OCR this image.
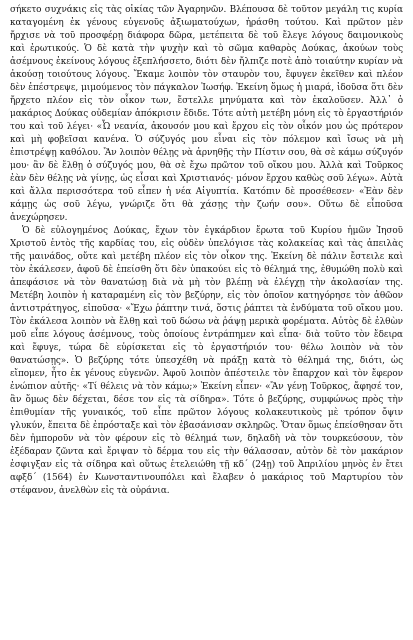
σήκετο συχνάκις εἰς τὰς οἰκίας τῶν Ἀγαρηνῶν. Βλέπουσα δὲ τοῦτον μεγάλη τις κυρία καταγομένη ἐκ γένους εὐγενοῦς ἀξιωματούχων, ἠράσθη τούτου. Καὶ πρῶτον μὲν ἤρχισε νὰ τοῦ προσφέρῃ διάφορα δῶρα, μετέπειτα δὲ τοῦ ἔλεγε λόγους δαιμονικοὺς καὶ ἐρωτικούς. Ὁ δὲ κατὰ τὴν ψυχὴν καὶ τὸ σῶμα καθαρὸς Δούκας, ἀκούων τοὺς ἀσέμνους ἐκείνους λόγους ἐξεπλήσσετο, διότι δὲν ἤλπιζε ποτὲ ἀπὸ τοιαύτην κυρίαν νὰ ἀκούσῃ τοιούτους λόγους. Ἔκαμε λοιπὸν τὸν σταυρὸν του, ἔφυγεν ἐκεῖθεν καὶ πλέον δὲν ἐπέστρεψε, μιμούμενος τὸν πάγκαλον Ἰωσήφ. Ἐκείνη ὅμως ἡ μιαρά, ἰδοῦσα ὅτι δὲν ἤρχετο πλέον εἰς τὸν οἶκον των, ἔστελλε μηνύματα καὶ τὸν ἐκαλοῦσεν. Ἀλλ᾽ ὁ μακάριος Δούκας οὐδεμίαν ἀπόκρισιν ἔδιδε. Τότε αὐτὴ μετέβη μόνη εἰς τὸ ἐργαστήριόν του καὶ τοῦ λέγει· «Ὦ νεανία, ἀκουσόν μου καὶ ἔρχου εἰς τὸν οἶκόν μου ὡς πρότερον καὶ μὴ φοβεῖσαι κανένα. Ὁ σύζυγός μου εἶναι εἰς τὸν πόλεμον καὶ ἴσως νὰ μὴ ἐπιστρέψῃ καθόλου. Ἂν λοιπὸν θέλῃς νὰ ἀρνηθῇς τὴν Πίστιν σου, θὰ σὲ κάμω σύζυγόν μου· ἂν δὲ ἔλθῃ ὁ σύζυγός μου, θὰ σὲ ἔχω πρῶτον τοῦ οἴκου μου. Ἀλλὰ καὶ Τοῦρκος ἐὰν δὲν θέλῃς νὰ γίνῃς, ὡς εἶσαι καὶ Χριστιανός· μόνον ἔρχου καθὼς σοῦ λέγω». Αὐτὰ καὶ ἄλλα περισσότερα τοῦ εἶπεν ἡ νέα Αἰγυπτία. Κατόπιν δὲ προσέθεσεν· «Ἐὰν δὲν κάμῃς ὡς σοῦ λέγω, γνώριζε ὅτι θὰ χάσῃς τὴν ζωήν σου». Οὕτω δὲ εἶποῦσα ἀνεχώρησεν.

Ὁ δὲ εὐλογημένος Δούκας, ἔχων τὸν ἐγκάρδιον ἔρωτα τοῦ Κυρίου ἡμῶν Ἰησοῦ Χριστοῦ ἐντὸς τῆς καρδίας του, εἰς οὐδὲν ὑπελόγισε τὰς κολακείας καὶ τὰς ἀπειλὰς τῆς μαινάδος, οὔτε καὶ μετέβη πλέον εἰς τὸν οἶκον της. Ἐκείνη δὲ πάλιν ἔστειλε καὶ τὸν ἐκάλεσεν, ἀφοῦ δὲ ἐπείσθη ὅτι δὲν ὑπακούει εἰς τὸ θέλημά της, ἐθυμώθη πολὺ καὶ ἀπεφάσισε νὰ τὸν θανατώσῃ διὰ νὰ μὴ τὸν βλέπῃ νὰ ἐλέγχῃ τὴν ἀκολασίαν της. Μετέβη λοιπὸν ἡ καταραμένη εἰς τὸν βεζύρην, εἰς τὸν ὁποῖον κατηγόρησε τὸν ἀθῶον ἀντιστράτηγος, εἰποῦσα· «Ἔχω ῥάπτην τινά, ὅστις ῥάπτει τὰ ἐνδύματα τοῦ οἴκου μου. Τὸν ἐκάλεσα λοιπὸν νὰ ἔλθῃ καὶ τοῦ δώσω νὰ ῥάψῃ μερικὰ φορέματα. Αὐτὸς δὲ ἐλθὼν μοῦ εἶπε λόγους ἀσέμνους, τοὺς ὁποίους ἐντράπημεν καὶ εἶπα· διὰ τοῦτο τὸν ἔδειρα καὶ ἔφυγε, τώρα δὲ εὑρίσκεται εἰς τὸ ἐργαστήριόν του· θέλω λοιπὸν νὰ τὸν θανατώσῃς». Ὁ βεζύρης τότε ὑπεσχέθη νὰ πράξῃ κατὰ τὸ θέλημά της, διότι, ὡς εἴπομεν, ἦτο ἐκ γένους εὐγενῶν. Ἀφοῦ λοιπὸν ἀπέστειλε τὸν ἔπαρχον καὶ τὸν ἔφερον ἐνώπιον αὐτῆς· «Τί θέλεις νὰ τὸν κάμω;» Ἐκείνη εἶπεν· «Ἂν γένῃ Τοῦρκος, ἄφησέ τον, ἂν ὅμως δὲν δέχεται, δέσε τον εἰς τὰ σίδηρα». Τότε ὁ βεζύρης, συμφώνως πρὸς τὴν ἐπιθυμίαν τῆς γυναικός, τοῦ εἶπε πρῶτον λόγους κολακευτικοὺς μὲ τρόπον ὄψιν γλυκύν, ἔπειτα δὲ ἐπρόσταξε καὶ τὸν ἐβασάνισαν σκληρῶς. Ὅταν ὅμως ἐπείσθησαν ὅτι δὲν ἠμποροῦν νὰ τὸν φέρουν εἰς τὸ θέλημά των, δηλαδὴ νὰ τὸν τουρκεύσουν, τὸν ἐξέδαραν ζῶντα καὶ ἔριψαν τὸ δέρμα του εἰς τὴν θάλασσαν, αὐτὸν δὲ τὸν μακάριον ἐσφιγξαν εἰς τὰ σίδηρα καὶ οὕτως ἐτελειώθη τῇ κδ΄ (24ῃ) τοῦ Ἀπριλίου μηνὸς ἐν ἔτει αφξδ΄ (1564) ἐν Κωνσταντινουπόλει καὶ ἔλαβεν ὁ μακάριος τοῦ Μαρτυρίου τὸν στέφανον, ἀνελθὼν εἰς τὰ οὐράνια.
